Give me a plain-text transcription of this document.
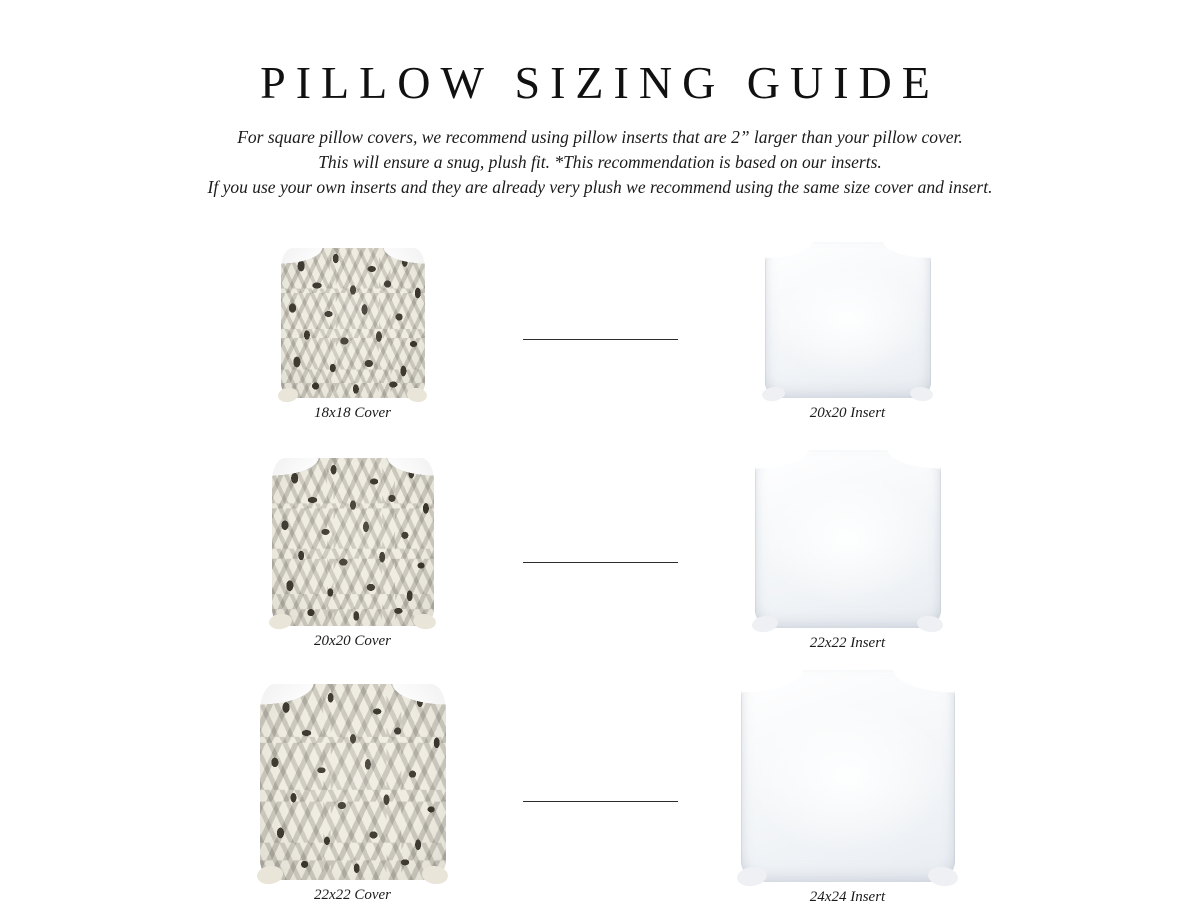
PILLOW SIZING GUIDE

For square pillow covers, we recommend using pillow inserts that are 2” larger than your pillow cover.
This will ensure a snug, plush fit. *This recommendation is based on our inserts.
If you use your own inserts and they are already very plush we recommend using the same size cover and insert.

18x18 Cover	20x20 Insert
20x20 Cover	22x22 Insert
22x22 Cover	24x24 Insert
